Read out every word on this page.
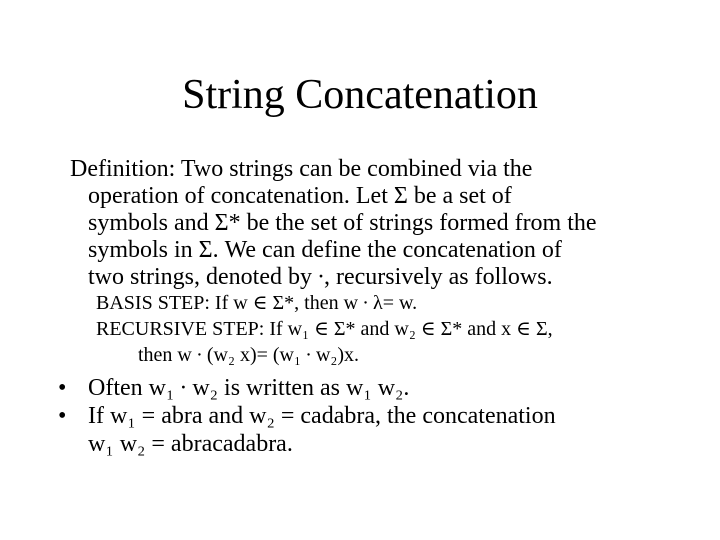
String Concatenation
Definition: Two strings can be combined via the
operation of concatenation. Let Σ be a set of
symbols and Σ* be the set of strings formed from the
symbols in Σ. We can define the concatenation of
two strings, denoted by ∙, recursively as follows.
BASIS STEP: If w ∈ Σ*, then w ∙ λ= w.
RECURSIVE STEP: If w₁ ∈ Σ* and w₂ ∈ Σ* and x ∈ Σ,
then w ∙ (w₂ x)= (w₁ ∙ w₂)x.
• Often w₁ ∙ w₂ is written as w₁ w₂.
• If w₁ = abra and w₂ = cadabra, the concatenation
w₁ w₂ = abracadabra.
